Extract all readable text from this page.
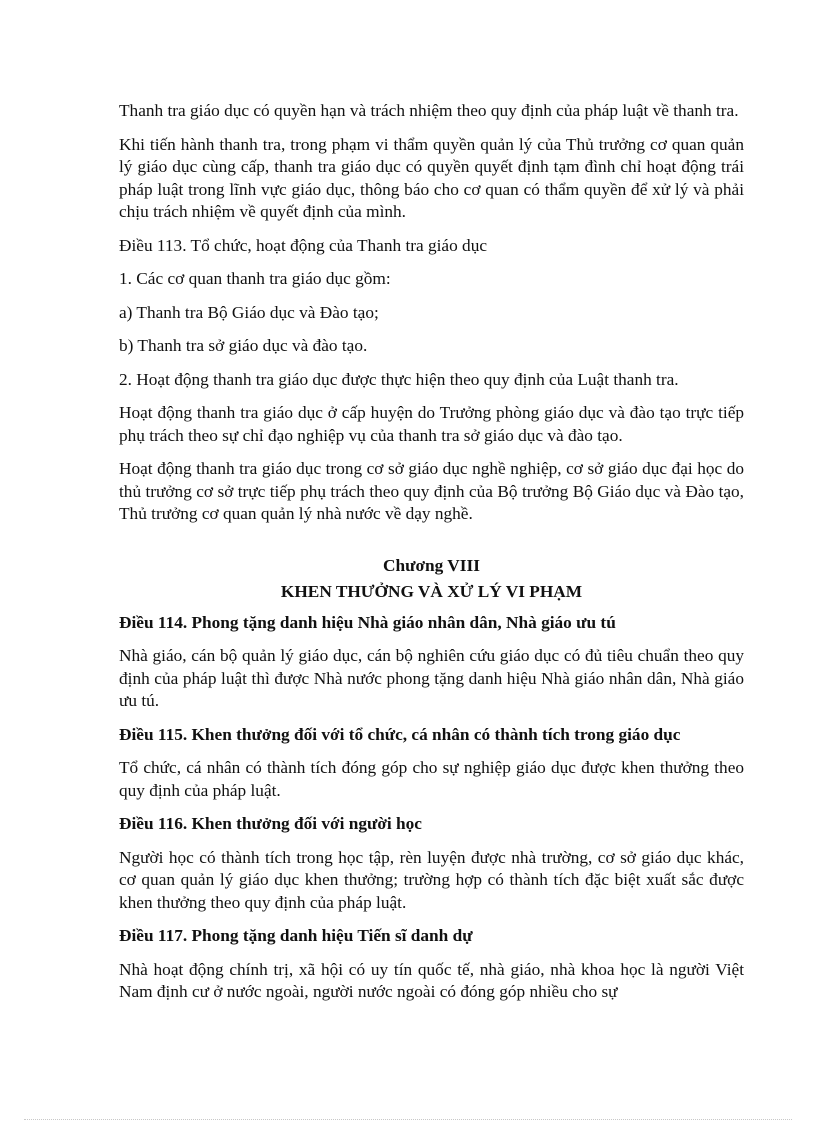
Thanh tra giáo dục có quyền hạn và trách nhiệm theo quy định của pháp luật về thanh tra.

Khi tiến hành thanh tra, trong phạm vi thẩm quyền quản lý của Thủ trưởng cơ quan quản lý giáo dục cùng cấp, thanh tra giáo dục có quyền quyết định tạm đình chỉ hoạt động trái pháp luật trong lĩnh vực giáo dục, thông báo cho cơ quan có thẩm quyền để xử lý và phải chịu trách nhiệm về quyết định của mình.

Điều 113. Tổ chức, hoạt động của Thanh tra giáo dục

1. Các cơ quan thanh tra giáo dục gồm:

a) Thanh tra Bộ Giáo dục và Đào tạo;

b) Thanh tra sở giáo dục và đào tạo.

2. Hoạt động thanh tra giáo dục được thực hiện theo quy định của Luật thanh tra.

Hoạt động thanh tra giáo dục ở cấp huyện do Trưởng phòng giáo dục và đào tạo trực tiếp phụ trách theo sự chỉ đạo nghiệp vụ của thanh tra sở giáo dục và đào tạo.

Hoạt động thanh tra giáo dục trong cơ sở giáo dục nghề nghiệp, cơ sở giáo dục đại học do thủ trưởng cơ sở trực tiếp phụ trách theo quy định của Bộ trưởng Bộ Giáo dục và Đào tạo, Thủ trưởng cơ quan quản lý nhà nước về dạy nghề.

Chương VIII

KHEN THƯỞNG VÀ XỬ LÝ VI PHẠM

Điều 114. Phong tặng danh hiệu Nhà giáo nhân dân, Nhà giáo ưu tú

Nhà giáo, cán bộ quản lý giáo dục, cán bộ nghiên cứu giáo dục có đủ tiêu chuẩn theo quy định của pháp luật thì được Nhà nước phong tặng danh hiệu Nhà giáo nhân dân, Nhà giáo ưu tú.

Điều 115. Khen thưởng đối với tổ chức, cá nhân có thành tích trong giáo dục

Tổ chức, cá nhân có thành tích đóng góp cho sự nghiệp giáo dục được khen thưởng theo quy định của pháp luật.

Điều 116. Khen thưởng đối với người học

Người học có thành tích trong học tập, rèn luyện được nhà trường, cơ sở giáo dục khác, cơ quan quản lý giáo dục khen thưởng; trường hợp có thành tích đặc biệt xuất sắc được khen thưởng theo quy định của pháp luật.

Điều 117. Phong tặng danh hiệu Tiến sĩ danh dự

Nhà hoạt động chính trị, xã hội có uy tín quốc tế, nhà giáo, nhà khoa học là người Việt Nam định cư ở nước ngoài, người nước ngoài có đóng góp nhiều cho sự
